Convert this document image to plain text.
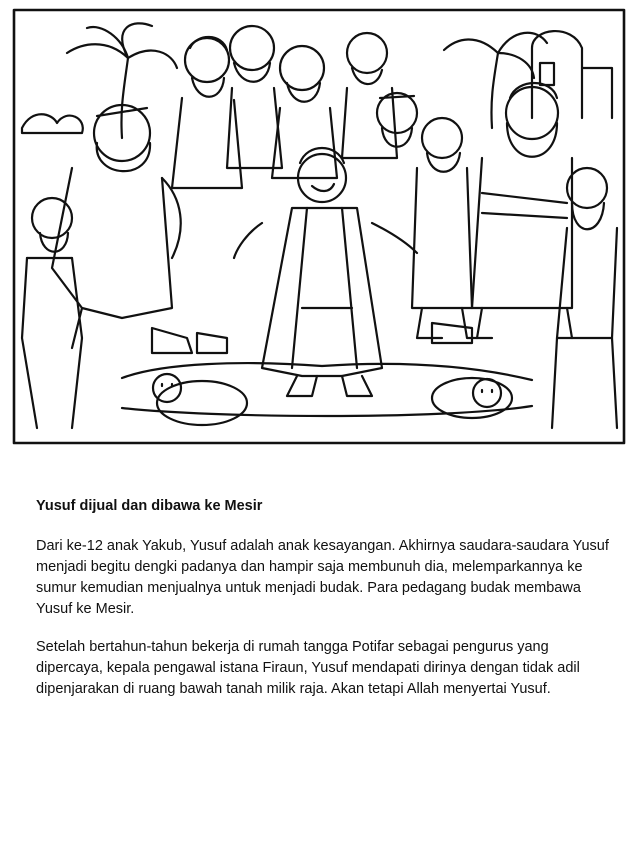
Yusuf dijual dan dibawa ke Mesir

Dari ke-12 anak Yakub, Yusuf adalah anak kesayangan. Akhirnya saudara-saudara Yusuf menjadi begitu dengki padanya dan hampir saja membunuh dia, melemparkannya ke sumur kemudian menjualnya untuk menjadi budak. Para pedagang budak membawa Yusuf ke Mesir.

Setelah bertahun-tahun bekerja di rumah tangga Potifar sebagai pengurus yang dipercaya, kepala pengawal istana Firaun, Yusuf mendapati dirinya dengan tidak adil dipenjarakan di ruang bawah tanah milik raja. Akan tetapi Allah menyertai Yusuf.
